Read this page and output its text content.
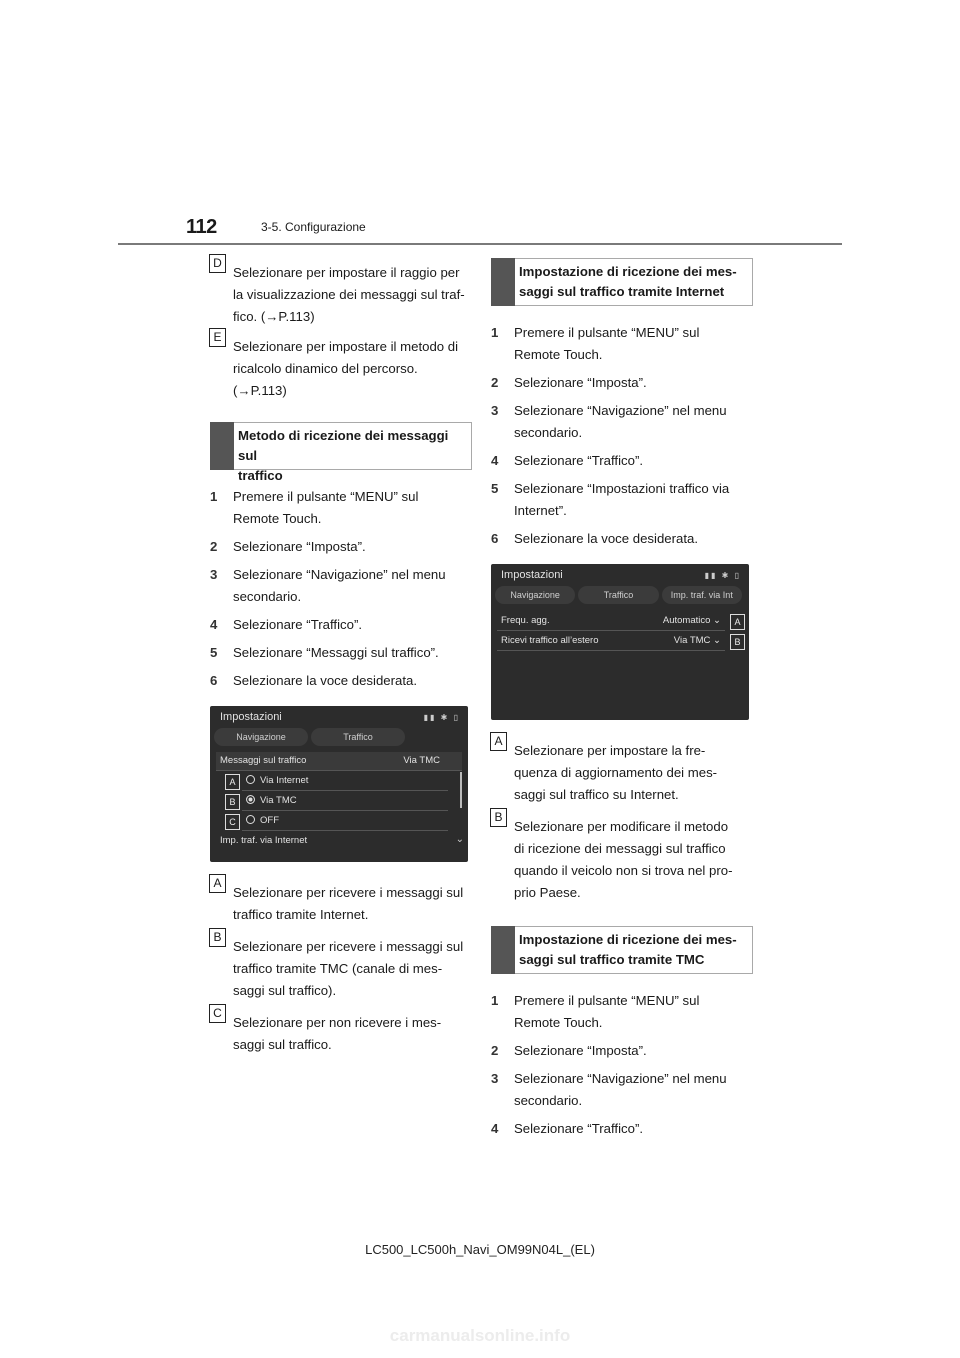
112	3-5. Configurazione
D

Selezionare per impostare il raggio per

la visualizzazione dei messaggi sul traf-

fico. (→P.113)

E

Selezionare per impostare il metodo di

ricalcolo dinamico del percorso.

(→P.113)

Metodo di ricezione dei messaggi sul
traffico
1 Premere il pulsante “MENU” sul

Remote Touch.

2 Selezionare “Imposta”.

3 Selezionare “Navigazione” nel menu

secondario.

4 Selezionare “Traffico”.

5 Selezionare “Messaggi sul traffico”.

6 Selezionare la voce desiderata.

Impostazioni	▮▮ ✱ ▯
Navigazione	Traffico
Messaggi sul traffico	Via TMC
Via Internet
A
Via TMC
B
OFF
C
Imp. traf. via Internet	⌄
A

Selezionare per ricevere i messaggi sul

traffico tramite Internet.

B

Selezionare per ricevere i messaggi sul

traffico tramite TMC (canale di mes-

saggi sul traffico).

C

Selezionare per non ricevere i mes-

saggi sul traffico.

Impostazione di ricezione dei mes-
saggi sul traffico tramite Internet
1 Premere il pulsante “MENU” sul

Remote Touch.

2 Selezionare “Imposta”.

3 Selezionare “Navigazione” nel menu

secondario.

4 Selezionare “Traffico”.

5 Selezionare “Impostazioni traffico via

Internet”.

6 Selezionare la voce desiderata.

Impostazioni	▮▮ ✱ ▯
Navigazione	Traffico	Imp. traf. via Int
Frequ. agg.	Automatico ⌄	A
Ricevi traffico all’estero	Via TMC ⌄	B
A

Selezionare per impostare la fre-

quenza di aggiornamento dei mes-

saggi sul traffico su Internet.

B

Selezionare per modificare il metodo

di ricezione dei messaggi sul traffico

quando il veicolo non si trova nel pro-

prio Paese.

Impostazione di ricezione dei mes-
saggi sul traffico tramite TMC
1 Premere il pulsante “MENU” sul

Remote Touch.

2 Selezionare “Imposta”.

3 Selezionare “Navigazione” nel menu

secondario.

4 Selezionare “Traffico”.

LC500_LC500h_Navi_OM99N04L_(EL)
carmanualsonline.info
